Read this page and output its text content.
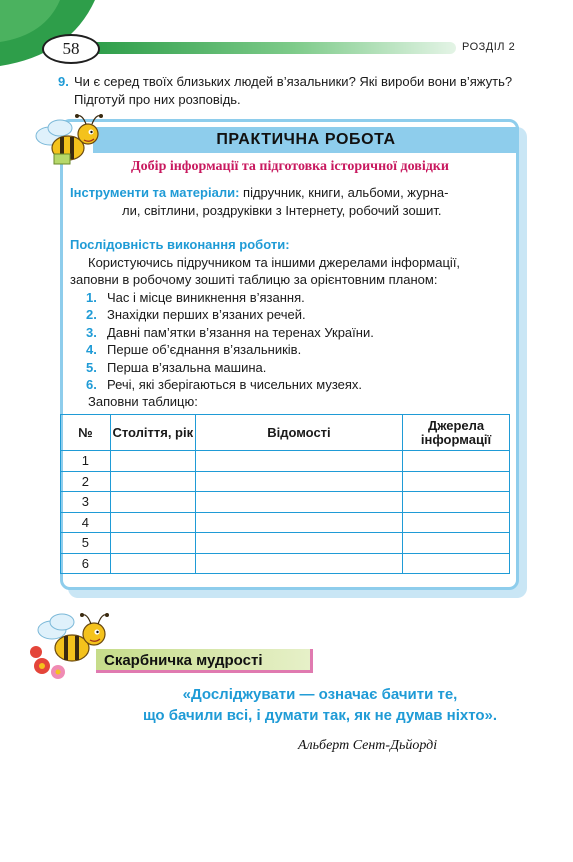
58	РОЗДІЛ 2
9. Чи є серед твоїх близьких людей в’язальники? Які вироби вони в’яжуть? Підготуй про них розповідь.
ПРАКТИЧНА РОБОТА
Добір інформації та підготовка історичної довідки
Інструменти та матеріали: підручник, книги, альбоми, журна-
ли, світлини, роздруківки з Інтернету, робочий зошит.
Послідовність виконання роботи:
Користуючись підручником та іншими джерелами інформації, заповни в робочому зошиті таблицю за орієнтовним планом:
1. Час і місце виникнення в’язання.
2. Знахідки перших в’язаних речей.
3. Давні пам’ятки в’язання на теренах України.
4. Перше об’єднання в’язальників.
5. Перша в’язальна машина.
6. Речі, які зберігаються в чисельних музеях.
Заповни таблицю:
№	Століття, рік	Відомості	Джерела інформації
1			
2			
3			
4			
5			
6			
Скарбничка мудрості
«Досліджувати — означає бачити те,
що бачили всі, і думати так, як не думав ніхто».
Альберт Сент-Дьйорді
